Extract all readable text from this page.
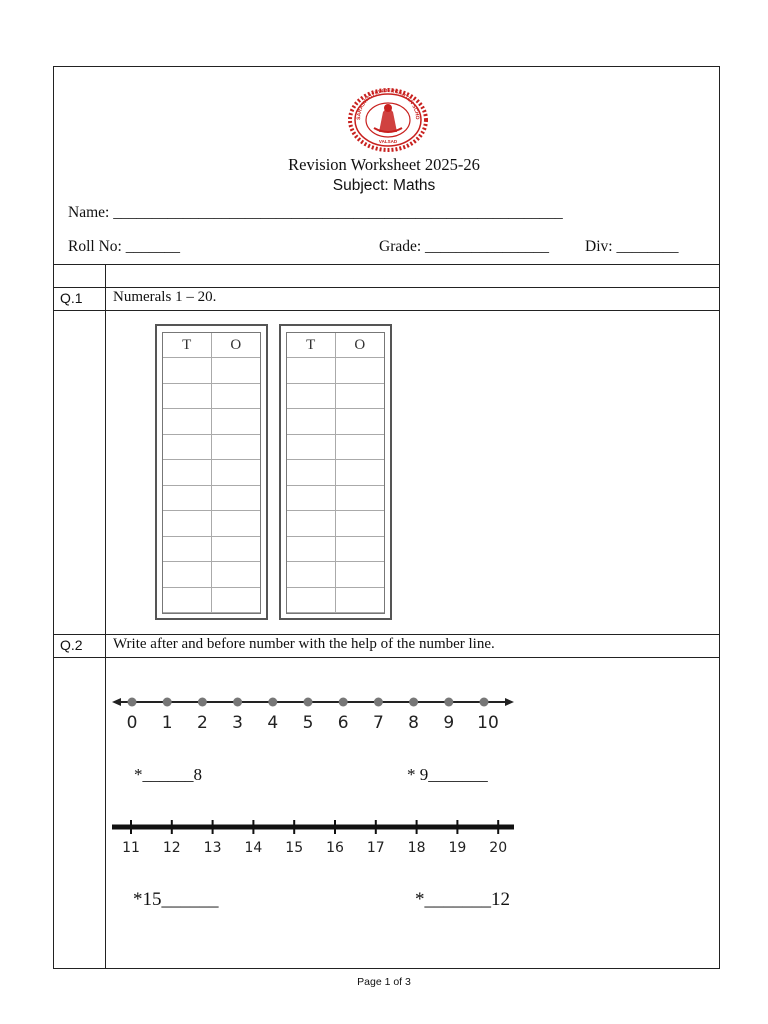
SARASWATI KINDERGARTEN SCHO
VALSAD
Revision Worksheet 2025-26
Subject: Maths
Name: __________________________________________________________
Roll No: _______	Grade: ________________ Div: ________
Q.1 Numerals 1 – 20.
T	O	T	O
Q.2 Write after and before number with the help of the number line.
0 1 2 3 4 5 6 7 8 9 10
*______8	* 9_______
11 12 13 14 15 16 17 18 19 20
*15______	*_______12
Page 1 of 3
